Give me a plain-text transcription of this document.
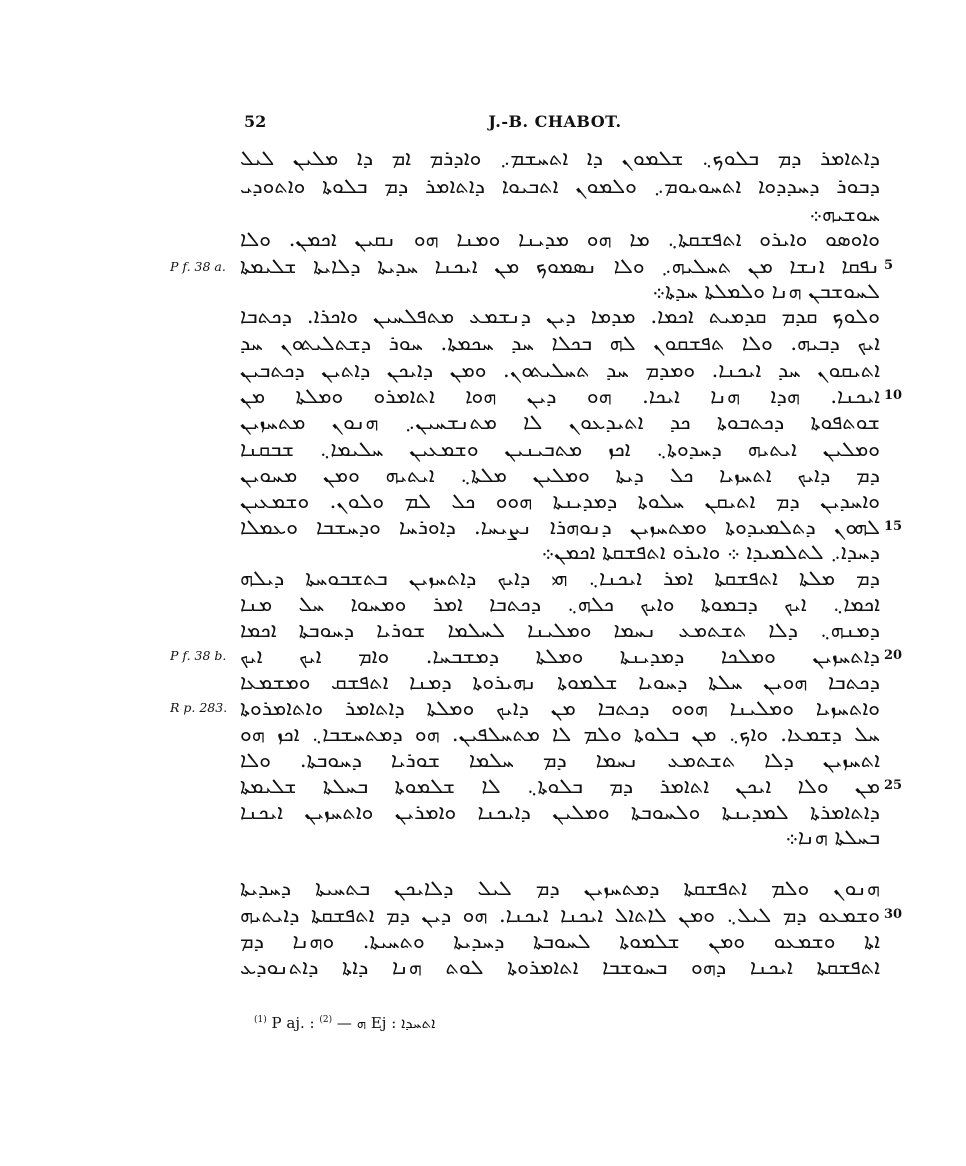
52	J.-B. CHABOT.
ܕܐܬܐܡܪ ܕܡ ܒܠܘܟ܆ ܫܠܡܘܢ ܕܐ ܐܬܚܫܡ܇ ܘܐܕܪܡ ܐܡ ܕܐ ܡܠܝܢ ܠܝܠ
ܕܒܘܪ ܕܚܕܕܘܐ ܐܬܚܘܝܘܡ܇ ܘܠܡܘܢ ܐܬܒܝܘܐ ܕܐܬܐܡܪ ܕܡ ܒܠܘܬܐ ܘܐܬܘܕܝ
ܚܘܫܝܗ܀
ܘܐܘܣܘ ܘܐܝܪܘ ܐܬܦܫܩܬܐ܆ ܡܐ ܗܘ ܡܕܝܢܐ ܘܡܢܐ ܗܘ ܢܩܝܢ ܐܟܡܢ. ܘܠܐ
ܢܦܩܐ ܐܢܫܐ ܡܢ ܬܚܠܝܗ܇ ܘܠܐ ܢܣܡܘܟ ܡܢ ܐܝܟܢܐ ܚܕܝܬܐ ܕܠܐܝܬܐ ܫܠܝܡܬܐ
ܠܚܘܫܒܢ ܗܢܐ ܘܠܡܠܬܐ ܚܕܬܐ܀
ܘܠܘܟ ܩܕܡ ܩܕܡܝܬ ܐܟܡܐ. ܡܕܡܐ ܕܝܢ ܕܢܫܡܥ ܡܬܦܠܚܝܢ ܘܐܟܪܐ. ܕܟܬܒܐ
ܐܝܟ ܕܒܝܗ. ܘܠܐ ܬܦܫܩܘܢ ܠܗ ܒܟܠܐ ܚܕ ܚܟܡܬܐ. ܚܘܪ ܕܫܬܠܝܬܘܢ ܚܕ
ܐܬܝܩܘܢ ܚܕ ܐܝܟܢܐ. ܘܡܕܡ ܚܕ ܬܚܠܝܬܘܢ. ܘܡܢ ܕܐܝܟܢ ܕܐܬܝܢ ܕܟܬܒܝܢ
ܐܝܟܢܐ. ܗܕܐ ܗܢܐ ܐܝܟܐ. ܗܘ ܕܝܢ ܗܘܐ ܐܬܐܡܪܘ ܘܡܠܬܐ ܡܢ
ܫܘܬܦܘܬܐ ܕܟܬܒܘܬܐ ܟܕ ܐܬܝܕܥܘܢ ܠܐ ܡܬܢܫܚܝܢ܇ ܗܢܘܢ ܡܬܚܙܝܢ
ܘܡܠܝܢ ܐܝܬܝܗ ܕܚܕܘܬܐ܆ ܐܟܙ ܡܬܒܝܢܝܢ ܘܫܡܥܝܢ ܚܠܝܡܐ܆ ܫܒܩܢܐ
ܕܡ ܕܐܝܟ ܐܬܚܙܝܐ ܟܠ ܕܝܬܐ ܘܡܠܝܢ ܡܠܬܐ܆ ܐܝܬܝܗ ܘܡܢ ܡܚܘܝܢ
ܘܐܚܕܝܢ ܕܡ ܐܬܝܩܢ ܚܠܘܬܐ ܕܡܕܝܢܬܐ ܗܘܘ ܟܠ ܠܡ ܘܠܘܢ. ܘܫܡܥܝܢ
ܠܗܘܢ ܕܬܠܡܝܕܘܬܐ ܘܡܬܚܙܝܢ ܕܢܘܗܪܐ ܢܨܝܚܐ. ܕܐܘܪܚܐ ܘܕܚܫܒܐ ܘܥܡܠܐ
ܕܚܕܐ܇ ܠܬܠܡܝܕܐ ܀ ܘܐܝܪܘ ܐܬܦܫܩܬܐ ܐܟܡܢ܀
ܕܡ ܡܠܬܐ ܐܬܦܫܩܬܐ ܐܡܪ ܐܝܟܢܐ܆ ܗܝ ܕܐܝܟ ܕܐܬܚܙܝܢ ܒܬܫܒܘܚܬܐ ܕܝܠܗ
ܐܟܡܐ܆ ܐܝܟ ܕܒܡܘܬܐ ܘܐܝܟ ܟܠܗ܆ ܕܟܬܒܐ ܐܡܪ ܘܡܚܘܐ ܚܠ ܡܢܐ
ܕܡܢܗ܆ ܕܠܐ ܬܫܬܡܥ ܢܚܡܐ ܘܡܠܝܢܐ ܠܚܠܡܐ ܫܘܪܝܐ ܕܚܘܒܬܐ ܐܟܡܐ
ܕܐܬܚܙܝܢ ܘܡܠܟܐ ܕܡܕܝܢܬܐ ܘܡܠܬܐ ܕܡܫܒܚܐ. ܘܐܡ ܐܝܟ ܐܝܟ
ܕܟܬܒܐ ܗܘܝܢ ܚܠܬܐ ܕܚܘܝܐ ܫܠܡܘܬܐ ܢܗܝܪܘܬܐ ܕܡܢܐ ܐܬܦܫܩ ܘܡܫܡܥܐ
ܘܐܬܚܙܝܐ ܘܡܠܝܢܐ ܗܘܘ ܕܟܬܒܐ ܡܢ ܕܐܝܟ ܘܡܠܬܐ ܕܐܬܐܡܪ ܘܐܬܐܡܪܘܬܐ
ܚܠ ܕܫܡܥܐ. ܘܐܟ܆ ܡܢ ܒܠܘܬܐ ܘܠܡ ܠܐ ܡܬܚܠܦܝܢ. ܗܘ ܕܡܬܚܫܒܐ܆ ܐܟܙ ܗܘ
ܐܬܚܙܝܢ ܕܠܐ ܬܫܬܡܥ ܢܚܡܐ ܕܡ ܚܠܡܐ ܫܘܪܝܐ ܕܚܘܒܬܐ. ܘܠܐ
ܡܢ ܘܠܐ ܐܝܟܢ ܐܬܐܡܪ ܕܡ ܒܠܘܬܐ܆ ܠܐ ܫܠܡܘܬܐ ܒܚܠܬܐ ܫܠܝܡܬܐ
ܕܐܬܐܡܪܬܐ ܠܡܕܝܢܬܐ ܘܠܚܘܒܬܐ ܘܡܠܝܢ ܕܐܝܟܢܐ ܘܐܡܪܝܢ ܘܐܬܚܙܝܢ ܐܝܟܢܐ
ܒܚܠܬܐ ܗܢܐ܀
ܗܢܘܢ ܘܠܡ ܐܬܦܫܩܬܐ ܕܡܬܚܙܝܢ ܕܡ ܠܝܠ ܕܠܐܝܟܢ ܒܬܚܝܬܐ ܕܚܕܝܬܐ
ܘܫܡܥܘ ܕܡ ܠܝܠ܆ ܘܡܢ ܠܐܬܐܠ ܐܝܟܢܐ ܐܝܟܢܐ. ܗܘ ܕܝܢ ܕܡ ܐܬܦܫܩܬܐ ܕܐܝܬܝܗ
ܐܬܐ ܘܫܡܥܘ ܘܡܢ ܫܠܡܘܬܐ ܠܚܘܒܬܐ ܕܚܕܝܬܐ ܘܬܚܝܬܐ. ܘܗܢܐ ܕܡ
ܐܬܦܫܩܬܐ ܐܝܟܢܐ ܕܗܘ ܒܚܘܫܒܐ ܐܬܐܡܪܘܬܐ ܠܘܬ ܗܢܐ ܕܐܬܐ ܕܐܬܢܘܕܥ
5
10
15
20
25
30
P f. 38 a.
P f. 38 b.
R p. 283.
$^{(1)}$ P aj. :	ܗ — $^{(2)}$	Ej : ܐܬܚܕܐ
